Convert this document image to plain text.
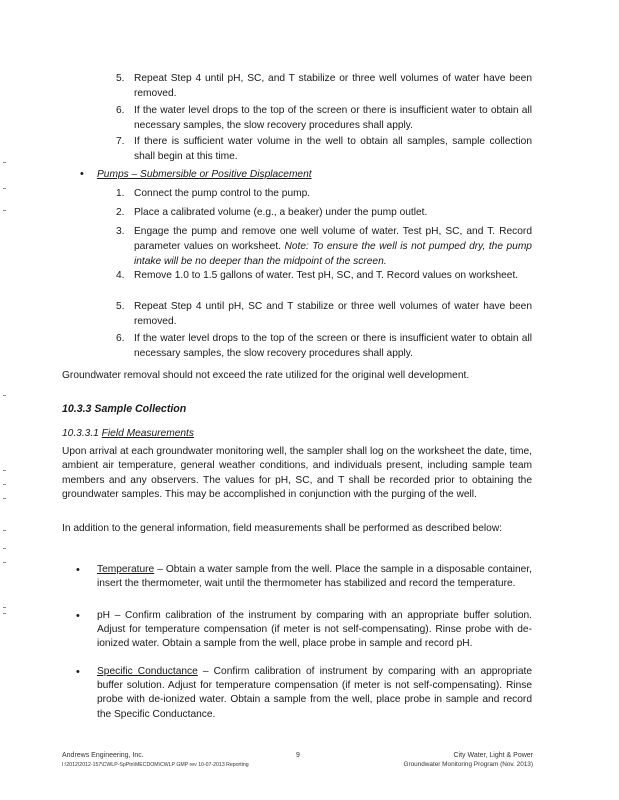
5. Repeat Step 4 until pH, SC, and T stabilize or three well volumes of water have been removed.
6. If the water level drops to the top of the screen or there is insufficient water to obtain all necessary samples, the slow recovery procedures shall apply.
7. If there is sufficient water volume in the well to obtain all samples, sample collection shall begin at this time.
• Pumps – Submersible or Positive Displacement
1. Connect the pump control to the pump.
2. Place a calibrated volume (e.g., a beaker) under the pump outlet.
3. Engage the pump and remove one well volume of water. Test pH, SC, and T. Record parameter values on worksheet. Note: To ensure the well is not pumped dry, the pump intake will be no deeper than the midpoint of the screen.
4. Remove 1.0 to 1.5 gallons of water. Test pH, SC, and T. Record values on worksheet.
5. Repeat Step 4 until pH, SC and T stabilize or three well volumes of water have been removed.
6. If the water level drops to the top of the screen or there is insufficient water to obtain all necessary samples, the slow recovery procedures shall apply.
Groundwater removal should not exceed the rate utilized for the original well development.
10.3.3 Sample Collection
10.3.3.1 Field Measurements
Upon arrival at each groundwater monitoring well, the sampler shall log on the worksheet the date, time, ambient air temperature, general weather conditions, and individuals present, including sample team members and any observers. The values for pH, SC, and T shall be recorded prior to obtaining the groundwater samples. This may be accomplished in conjunction with the purging of the well.
In addition to the general information, field measurements shall be performed as described below:
• Temperature – Obtain a water sample from the well. Place the sample in a disposable container, insert the thermometer, wait until the thermometer has stabilized and record the temperature.
• pH – Confirm calibration of the instrument by comparing with an appropriate buffer solution. Adjust for temperature compensation (if meter is not self-compensating). Rinse probe with de-ionized water. Obtain a sample from the well, place probe in sample and record pH.
• Specific Conductance – Confirm calibration of instrument by comparing with an appropriate buffer solution. Adjust for temperature compensation (if meter is not self-compensating). Rinse probe with de-ionized water. Obtain a sample from the well, place probe in sample and record the Specific Conductance.
Andrews Engineering, Inc.
I:\2012\2012-157\CWLP-SpPtn\MECDOM\CWLP GMP rev 10-07-2013 Reporting
9	City Water, Light & Power
Groundwater Monitoring Program (Nov. 2013)
